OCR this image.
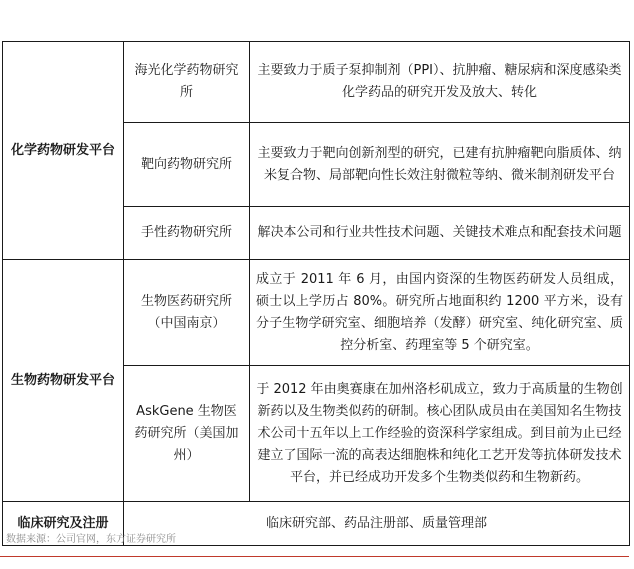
化学药物研发平台	海光化学药物研究所	主要致力于质子泵抑制剂（PPI）、抗肿瘤、糖尿病和深度感染类化学药品的研究开发及放大、转化
	靶向药物研究所	主要致力于靶向创新剂型的研究，已建有抗肿瘤靶向脂质体、纳米复合物、局部靶向性长效注射微粒等纳、微米制剂研发平台
	手性药物研究所	解决本公司和行业共性技术问题、关键技术难点和配套技术问题
生物药物研发平台	生物医药研究所（中国南京）	成立于 2011 年 6 月，由国内资深的生物医药研发人员组成，硕士以上学历占 80%。研究所占地面积约 1200 平方米，设有分子生物学研究室、细胞培养（发酵）研究室、纯化研究室、质控分析室、药理室等 5 个研究室。
	AskGene 生物医药研究所（美国加州）	于 2012 年由奥赛康在加州洛杉矶成立，致力于高质量的生物创新药以及生物类似药的研制。核心团队成员由在美国知名生物技术公司十五年以上工作经验的资深科学家组成。到目前为止已经建立了国际一流的高表达细胞株和纯化工艺开发等抗体研发技术平台，并已经成功开发多个生物类似药和生物新药。
临床研究及注册	临床研究部、药品注册部、质量管理部	
数据来源：公司官网，东方证券研究所
